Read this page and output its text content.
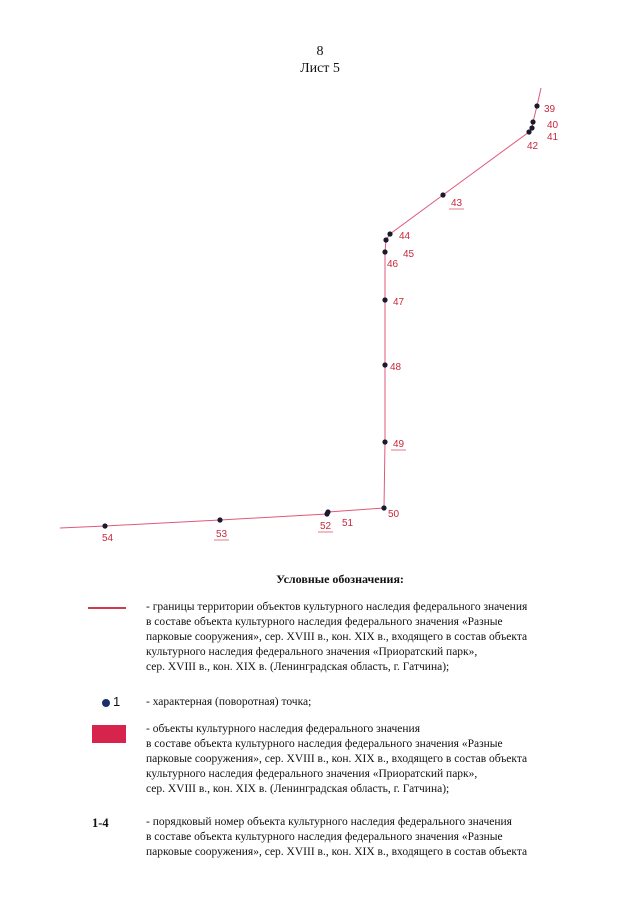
8
Лист 5
39
40
41
42
43
44
45
46
47
48
49
50
51
52
53
54
Условные обозначения:
- границы территории объектов культурного наследия федерального значения
в составе объекта культурного наследия федерального значения «Разные
парковые сооружения», сер. XVIII в., кон. XIX в., входящего в состав объекта
культурного наследия федерального значения «Приоратский парк»,
сер. XVIII в., кон. XIX в. (Ленинградская область, г. Гатчина);
1 - характерная (поворотная) точка;
- объекты культурного наследия федерального значения
в составе объекта культурного наследия федерального значения «Разные
парковые сооружения», сер. XVIII в., кон. XIX в., входящего в состав объекта
культурного наследия федерального значения «Приоратский парк»,
сер. XVIII в., кон. XIX в. (Ленинградская область, г. Гатчина);
1-4	- порядковый номер объекта культурного наследия федерального значения
в составе объекта культурного наследия федерального значения «Разные
парковые сооружения», сер. XVIII в., кон. XIX в., входящего в состав объекта
